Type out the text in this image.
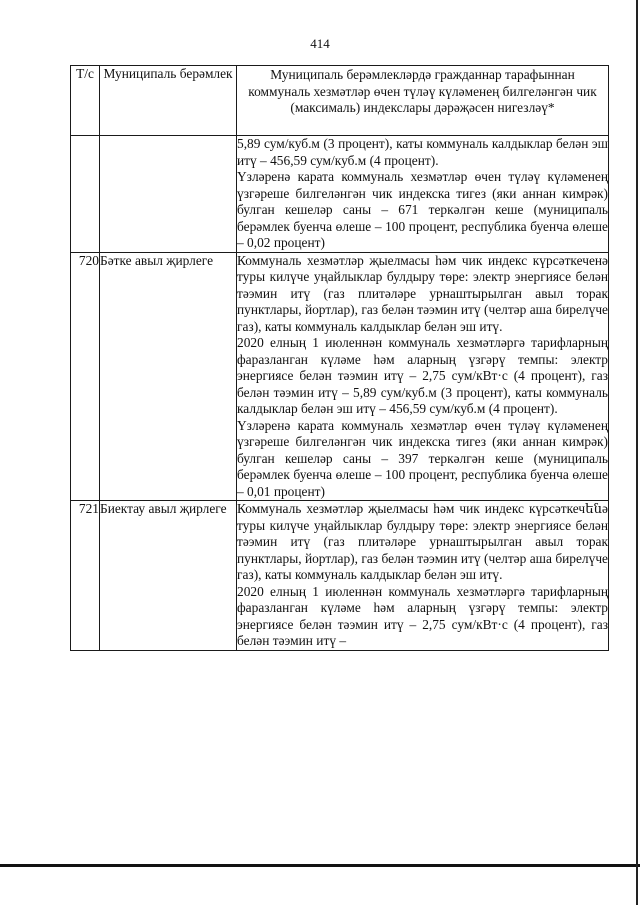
414
Т/с	Муниципаль берәмлек	Муниципаль берәмлекләрдә гражданнар тарафыннан коммуналь хезмәтләр өчен түләү күләменең билгеләнгән чик (максималь) индекслары дәрәҗәсен нигезләү*

		5,89 сум/куб.м (3 процент), каты коммуналь калдыклар белән эш итү – 456,59 сум/куб.м (4 процент).

Үзләренә карата коммуналь хезмәтләр өчен түләү күләменең үзгәреше билгеләнгән чик индекска тигез (яки аннан кимрәк) булган кешеләр саны – 671 теркәлгән кеше (муниципаль берәмлек буенча өлеше – 100 процент, республика буенча өлеше – 0,02 процент)

720	Бәтке авыл җирлеге	Коммуналь хезмәтләр җыелмасы һәм чик индекс күрсәткеченә туры килүче уңайлыклар булдыру төре: электр энергиясе белән тәэмин итү (газ плитәләре урнаштырылган авыл торак пунктлары, йортлар), газ белән тәэмин итү (челтәр аша бирелүче газ), каты коммуналь калдыклар белән эш итү.

2020 елның 1 июленнән коммуналь хезмәтләргә тарифларның фаразланган күләме һәм аларның үзгәрү темпы: электр энергиясе белән тәэмин итү – 2,75 сум/кВт·с (4 процент), газ белән тәэмин итү – 5,89 сум/куб.м (3 процент), каты коммуналь калдыклар белән эш итү – 456,59 сум/куб.м (4 процент).

Үзләренә карата коммуналь хезмәтләр өчен түләү күләменең үзгәреше билгеләнгән чик индекска тигез (яки аннан кимрәк) булган кешеләр саны – 397 теркәлгән кеше (муниципаль берәмлек буенча өлеше – 100 процент, республика буенча өлеше – 0,01 процент)

721	Биектау авыл җирлеге	Коммуналь хезмәтләр җыелмасы һәм чик индекс күрсәткечենә туры килүче уңайлыклар булдыру төре: электр энергиясе белән тәэмин итү (газ плитәләре урнаштырылган авыл торак пунктлары, йортлар), газ белән тәэмин итү (челтәр аша бирелүче газ), каты коммуналь калдыклар белән эш итү.

2020 елның 1 июленнән коммуналь хезмәтләргә тарифларның фаразланган күләме һәм аларның үзгәрү темпы: электр энергиясе белән тәэмин итү – 2,75 сум/кВт·с (4 процент), газ белән тәэмин итү –
